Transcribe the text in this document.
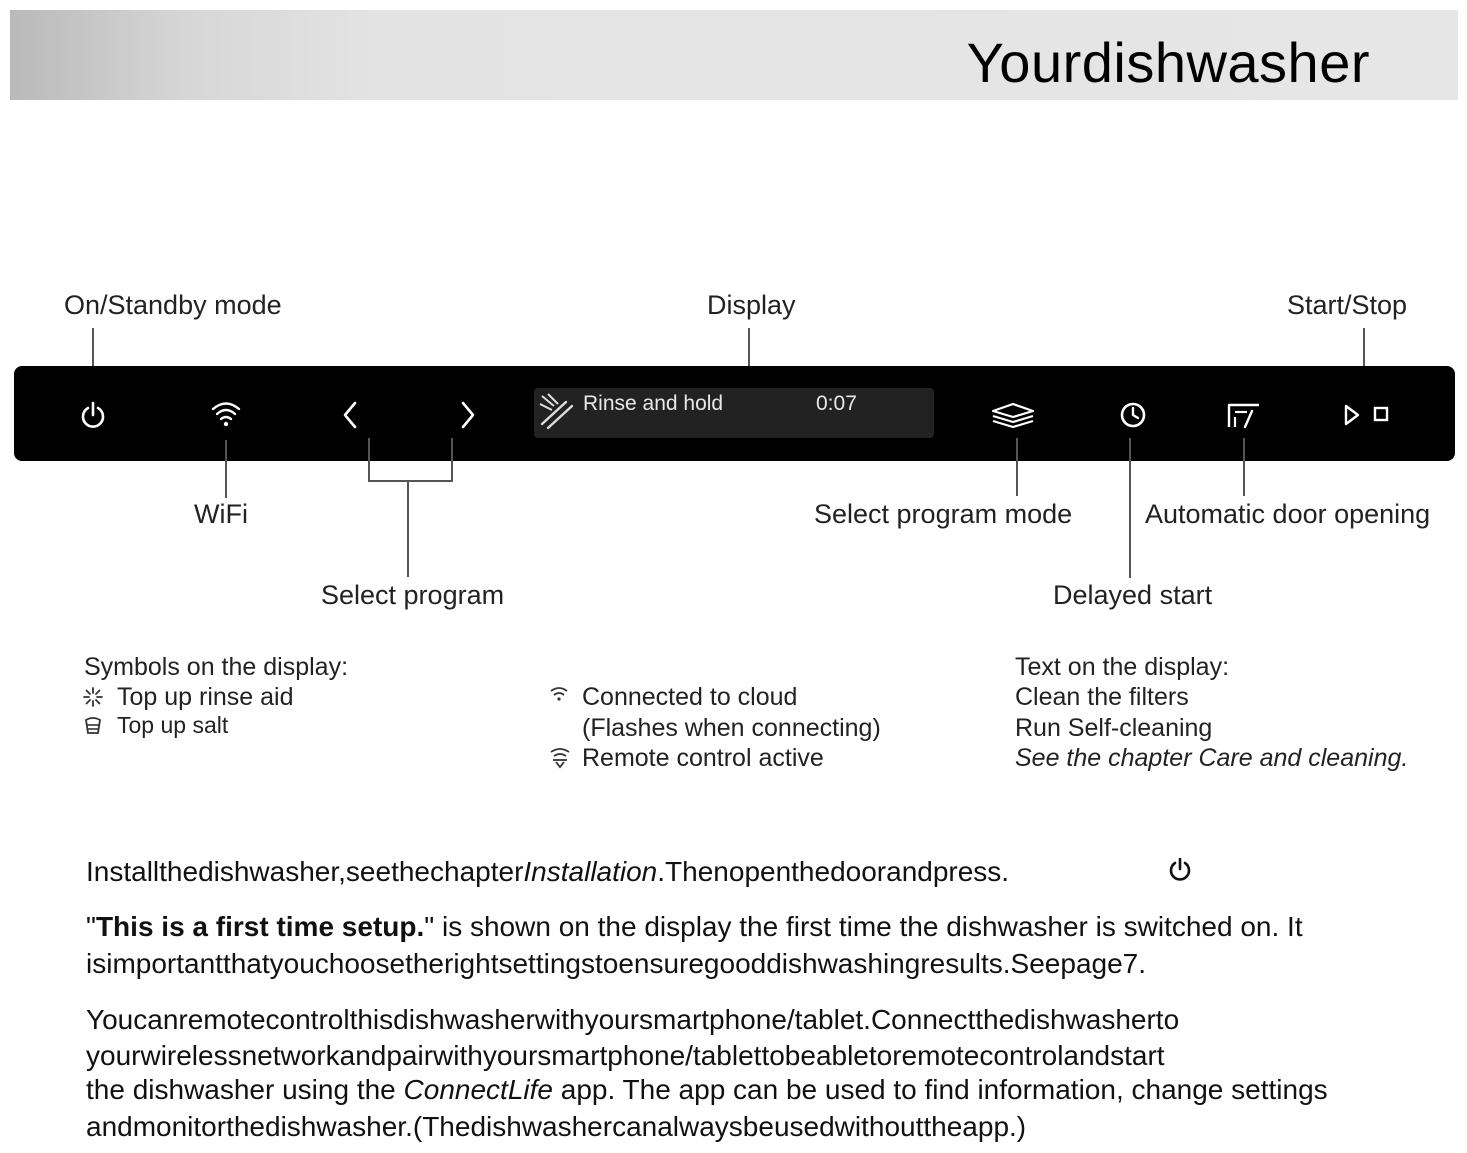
Yourdishwasher
On/Standby mode	Display	Start/Stop
Rinse and hold	0:07
WiFi	Select program mode	Automatic door opening
Select program	Delayed start
Symbols on the display:
Top up rinse aid
Top up salt
Connected to cloud
(Flashes when connecting)
Remote control active
Text on the display:
Clean the filters
Run Self-cleaning
See the chapter Care and cleaning.
Installthedishwasher,seethechapterInstallation.Thenopenthedoorandpress.
"This is a first time setup." is shown on the display the first time the dishwasher is switched on. It
isimportantthatyouchoosetherightsettingstoensuregooddishwashingresults.Seepage7.
Youcanremotecontrolthisdishwasherwithyoursmartphone/tablet.Connectthedishwasherto
yourwirelessnetworkandpairwithyoursmartphone/tablettobeabletoremotecontrolandstart
the dishwasher using the ConnectLife app. The app can be used to find information, change settings
andmonitorthedishwasher.(Thedishwashercanalwaysbeusedwithouttheapp.)
